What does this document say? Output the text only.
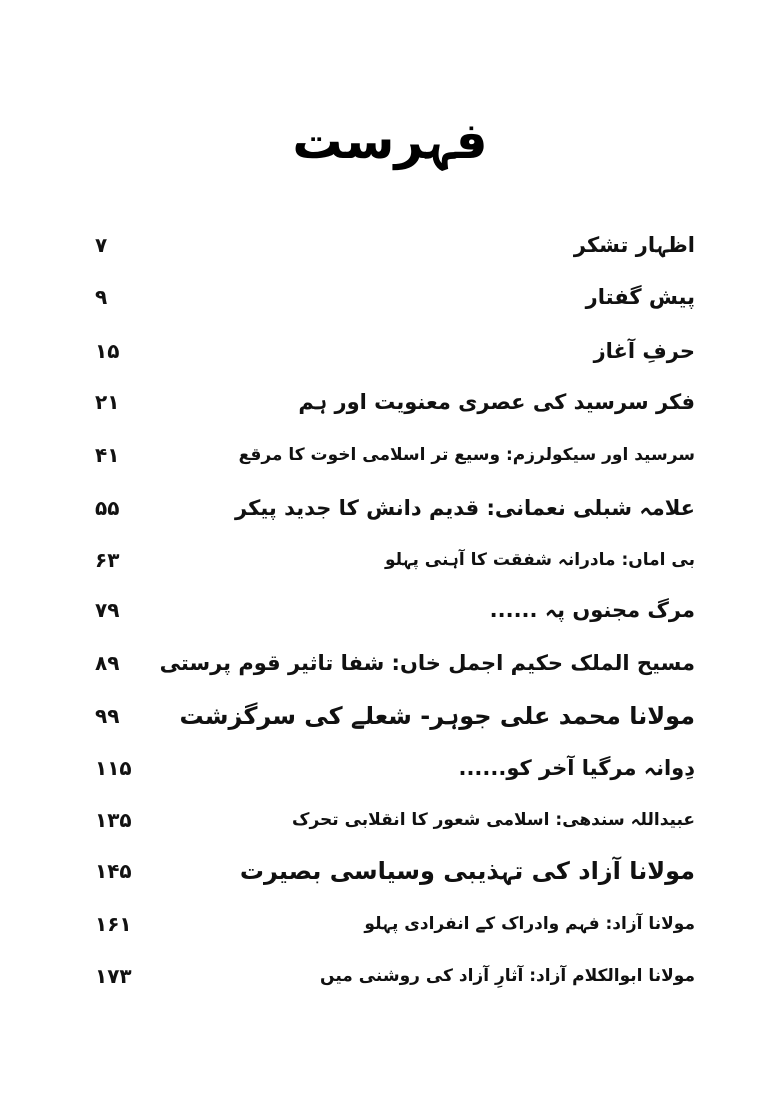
فہرست
اظہار تشکر
۷
پیش گفتار
۹
حرفِ آغاز
۱۵
فکر سرسید کی عصری معنویت اور ہم
۲۱
سرسید اور سیکولرزم: وسیع تر اسلامی اخوت کا مرقع
۴۱
علامہ شبلی نعمانی: قدیم دانش کا جدید پیکر
۵۵
بی اماں: مادرانہ شفقت کا آہنی پہلو
۶۳
مرگ مجنوں پہ ......
۷۹
مسیح الملک حکیم اجمل خاں: شفا تاثیر قوم پرستی
۸۹
مولانا محمد علی جوہر- شعلے کی سرگزشت
۹۹
دِوانہ مرگیا آخر کو......
۱۱۵
عبیداللہ سندھی: اسلامی شعور کا انقلابی تحرک
۱۳۵
مولانا آزاد کی تہذیبی وسیاسی بصیرت
۱۴۵
مولانا آزاد: فہم وادراک کے انفرادی پہلو
۱۶۱
مولانا ابوالکلام آزاد: آثارِ آزاد کی روشنی میں
۱۷۳
